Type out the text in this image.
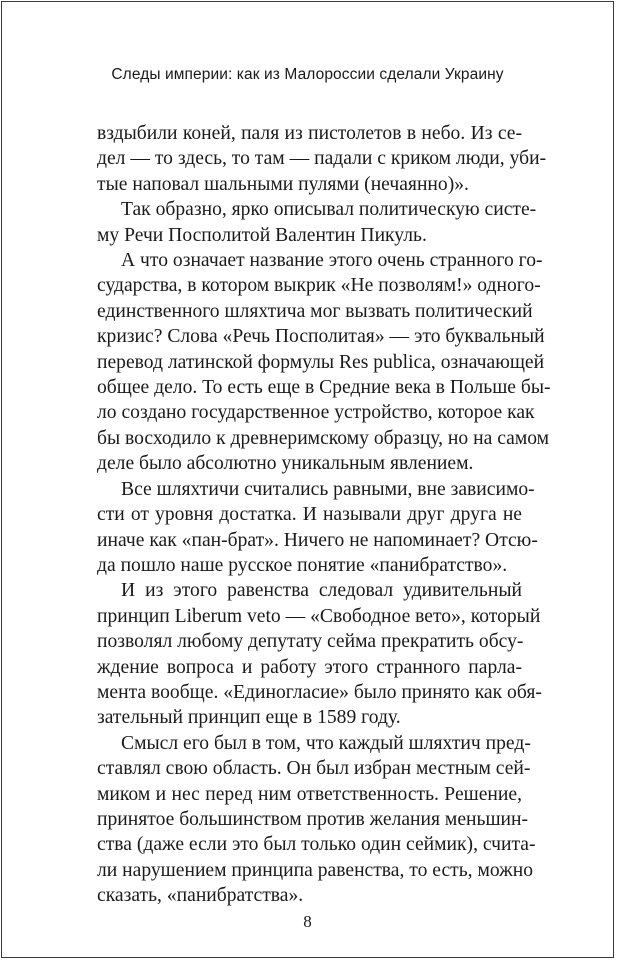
Следы империи: как из Малороссии сделали Украину
вздыбили коней, паля из пистолетов в небо. Из се-
дел — то здесь, то там — падали с криком люди, уби-
тые наповал шальными пулями (нечаянно)».
Так образно, ярко описывал политическую систе-
му Речи Посполитой Валентин Пикуль.
А что означает название этого очень странного го-
сударства, в котором выкрик «Не позволям!» одного-
единственного шляхтича мог вызвать политический
кризис? Слова «Речь Посполитая» — это буквальный
перевод латинской формулы Res publica, означающей
общее дело. То есть еще в Средние века в Польше бы-
ло создано государственное устройство, которое как
бы восходило к древнеримскому образцу, но на самом
деле было абсолютно уникальным явлением.
Все шляхтичи считались равными, вне зависимо-
сти от уровня достатка. И называли друг друга не
иначе как «пан-брат». Ничего не напоминает? Отсю-
да пошло наше русское понятие «панибратство».
И из этого равенства следовал удивительный
принцип Liberum veto — «Свободное вето», который
позволял любому депутату сейма прекратить обсу-
ждение вопроса и работу этого странного парла-
мента вообще. «Единогласие» было принято как обя-
зательный принцип еще в 1589 году.
Смысл его был в том, что каждый шляхтич пред-
ставлял свою область. Он был избран местным сей-
миком и нес перед ним ответственность. Решение,
принятое большинством против желания меньшин-
ства (даже если это был только один сеймик), счита-
ли нарушением принципа равенства, то есть, можно
сказать, «панибратства».
8
